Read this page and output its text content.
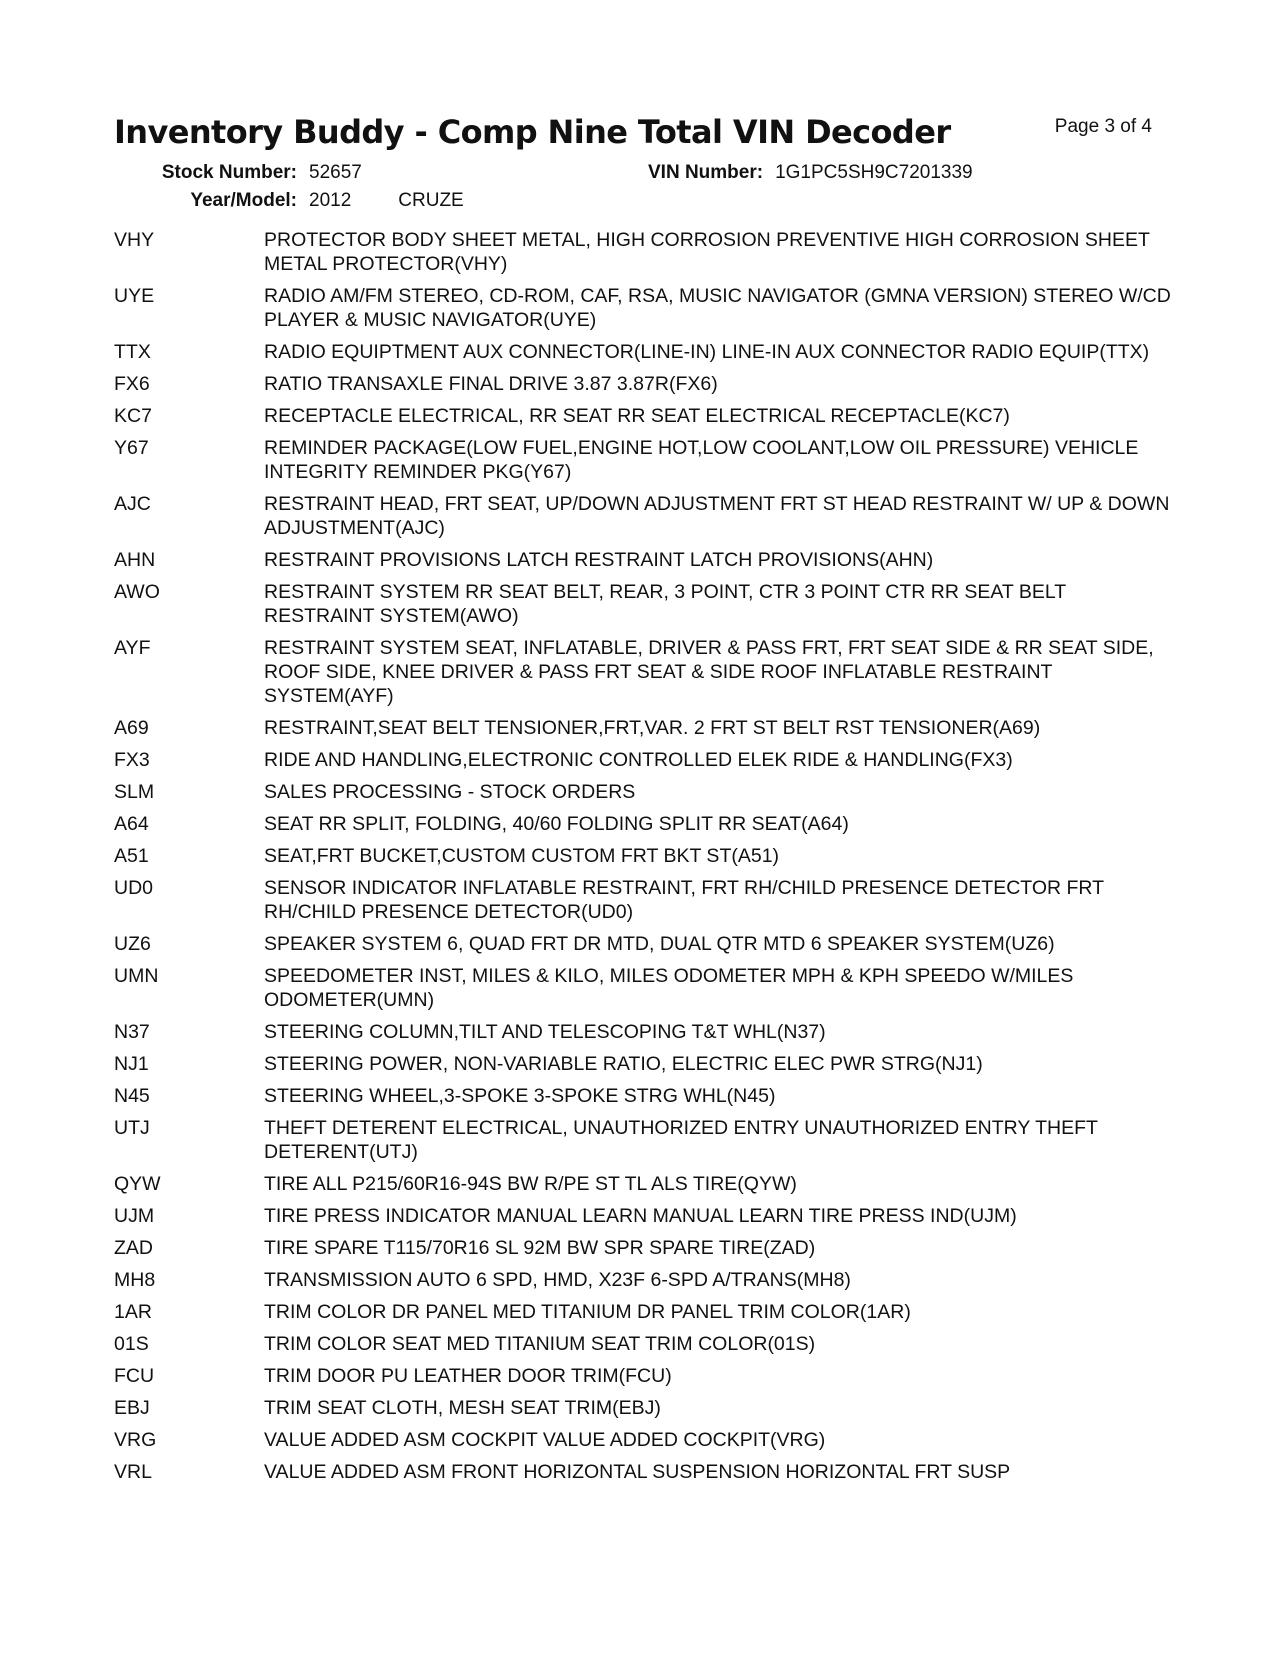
Inventory Buddy - Comp Nine Total VIN Decoder	Page 3 of 4
Stock Number: 52657	VIN Number: 1G1PC5SH9C7201339
Year/Model: 2012 CRUZE
VHY	PROTECTOR BODY SHEET METAL, HIGH CORROSION PREVENTIVE HIGH CORROSION SHEET METAL PROTECTOR(VHY)
UYE	RADIO AM/FM STEREO, CD-ROM, CAF, RSA, MUSIC NAVIGATOR (GMNA VERSION) STEREO W/CD PLAYER & MUSIC NAVIGATOR(UYE)
TTX	RADIO EQUIPTMENT AUX CONNECTOR(LINE-IN) LINE-IN AUX CONNECTOR RADIO EQUIP(TTX)
FX6	RATIO TRANSAXLE FINAL DRIVE 3.87 3.87R(FX6)
KC7	RECEPTACLE ELECTRICAL, RR SEAT RR SEAT ELECTRICAL RECEPTACLE(KC7)
Y67	REMINDER PACKAGE(LOW FUEL,ENGINE HOT,LOW COOLANT,LOW OIL PRESSURE) VEHICLE INTEGRITY REMINDER PKG(Y67)
AJC	RESTRAINT HEAD, FRT SEAT, UP/DOWN ADJUSTMENT FRT ST HEAD RESTRAINT W/ UP & DOWN ADJUSTMENT(AJC)
AHN	RESTRAINT PROVISIONS LATCH RESTRAINT LATCH PROVISIONS(AHN)
AWO	RESTRAINT SYSTEM RR SEAT BELT, REAR, 3 POINT, CTR 3 POINT CTR RR SEAT BELT RESTRAINT SYSTEM(AWO)
AYF	RESTRAINT SYSTEM SEAT, INFLATABLE, DRIVER & PASS FRT, FRT SEAT SIDE & RR SEAT SIDE, ROOF SIDE, KNEE DRIVER & PASS FRT SEAT & SIDE ROOF INFLATABLE RESTRAINT SYSTEM(AYF)
A69	RESTRAINT,SEAT BELT TENSIONER,FRT,VAR. 2 FRT ST BELT RST TENSIONER(A69)
FX3	RIDE AND HANDLING,ELECTRONIC CONTROLLED ELEK RIDE & HANDLING(FX3)
SLM	SALES PROCESSING - STOCK ORDERS
A64	SEAT RR SPLIT, FOLDING, 40/60 FOLDING SPLIT RR SEAT(A64)
A51	SEAT,FRT BUCKET,CUSTOM CUSTOM FRT BKT ST(A51)
UD0	SENSOR INDICATOR INFLATABLE RESTRAINT, FRT RH/CHILD PRESENCE DETECTOR FRT RH/CHILD PRESENCE DETECTOR(UD0)
UZ6	SPEAKER SYSTEM 6, QUAD FRT DR MTD, DUAL QTR MTD 6 SPEAKER SYSTEM(UZ6)
UMN	SPEEDOMETER INST, MILES & KILO, MILES ODOMETER MPH & KPH SPEEDO W/MILES ODOMETER(UMN)
N37	STEERING COLUMN,TILT AND TELESCOPING T&T WHL(N37)
NJ1	STEERING POWER, NON-VARIABLE RATIO, ELECTRIC ELEC PWR STRG(NJ1)
N45	STEERING WHEEL,3-SPOKE 3-SPOKE STRG WHL(N45)
UTJ	THEFT DETERENT ELECTRICAL, UNAUTHORIZED ENTRY UNAUTHORIZED ENTRY THEFT DETERENT(UTJ)
QYW	TIRE ALL P215/60R16-94S BW R/PE ST TL ALS TIRE(QYW)
UJM	TIRE PRESS INDICATOR MANUAL LEARN MANUAL LEARN TIRE PRESS IND(UJM)
ZAD	TIRE SPARE T115/70R16 SL 92M BW SPR SPARE TIRE(ZAD)
MH8	TRANSMISSION AUTO 6 SPD, HMD, X23F 6-SPD A/TRANS(MH8)
1AR	TRIM COLOR DR PANEL MED TITANIUM DR PANEL TRIM COLOR(1AR)
01S	TRIM COLOR SEAT MED TITANIUM SEAT TRIM COLOR(01S)
FCU	TRIM DOOR PU LEATHER DOOR TRIM(FCU)
EBJ	TRIM SEAT CLOTH, MESH SEAT TRIM(EBJ)
VRG	VALUE ADDED ASM COCKPIT VALUE ADDED COCKPIT(VRG)
VRL	VALUE ADDED ASM FRONT HORIZONTAL SUSPENSION HORIZONTAL FRT SUSP
